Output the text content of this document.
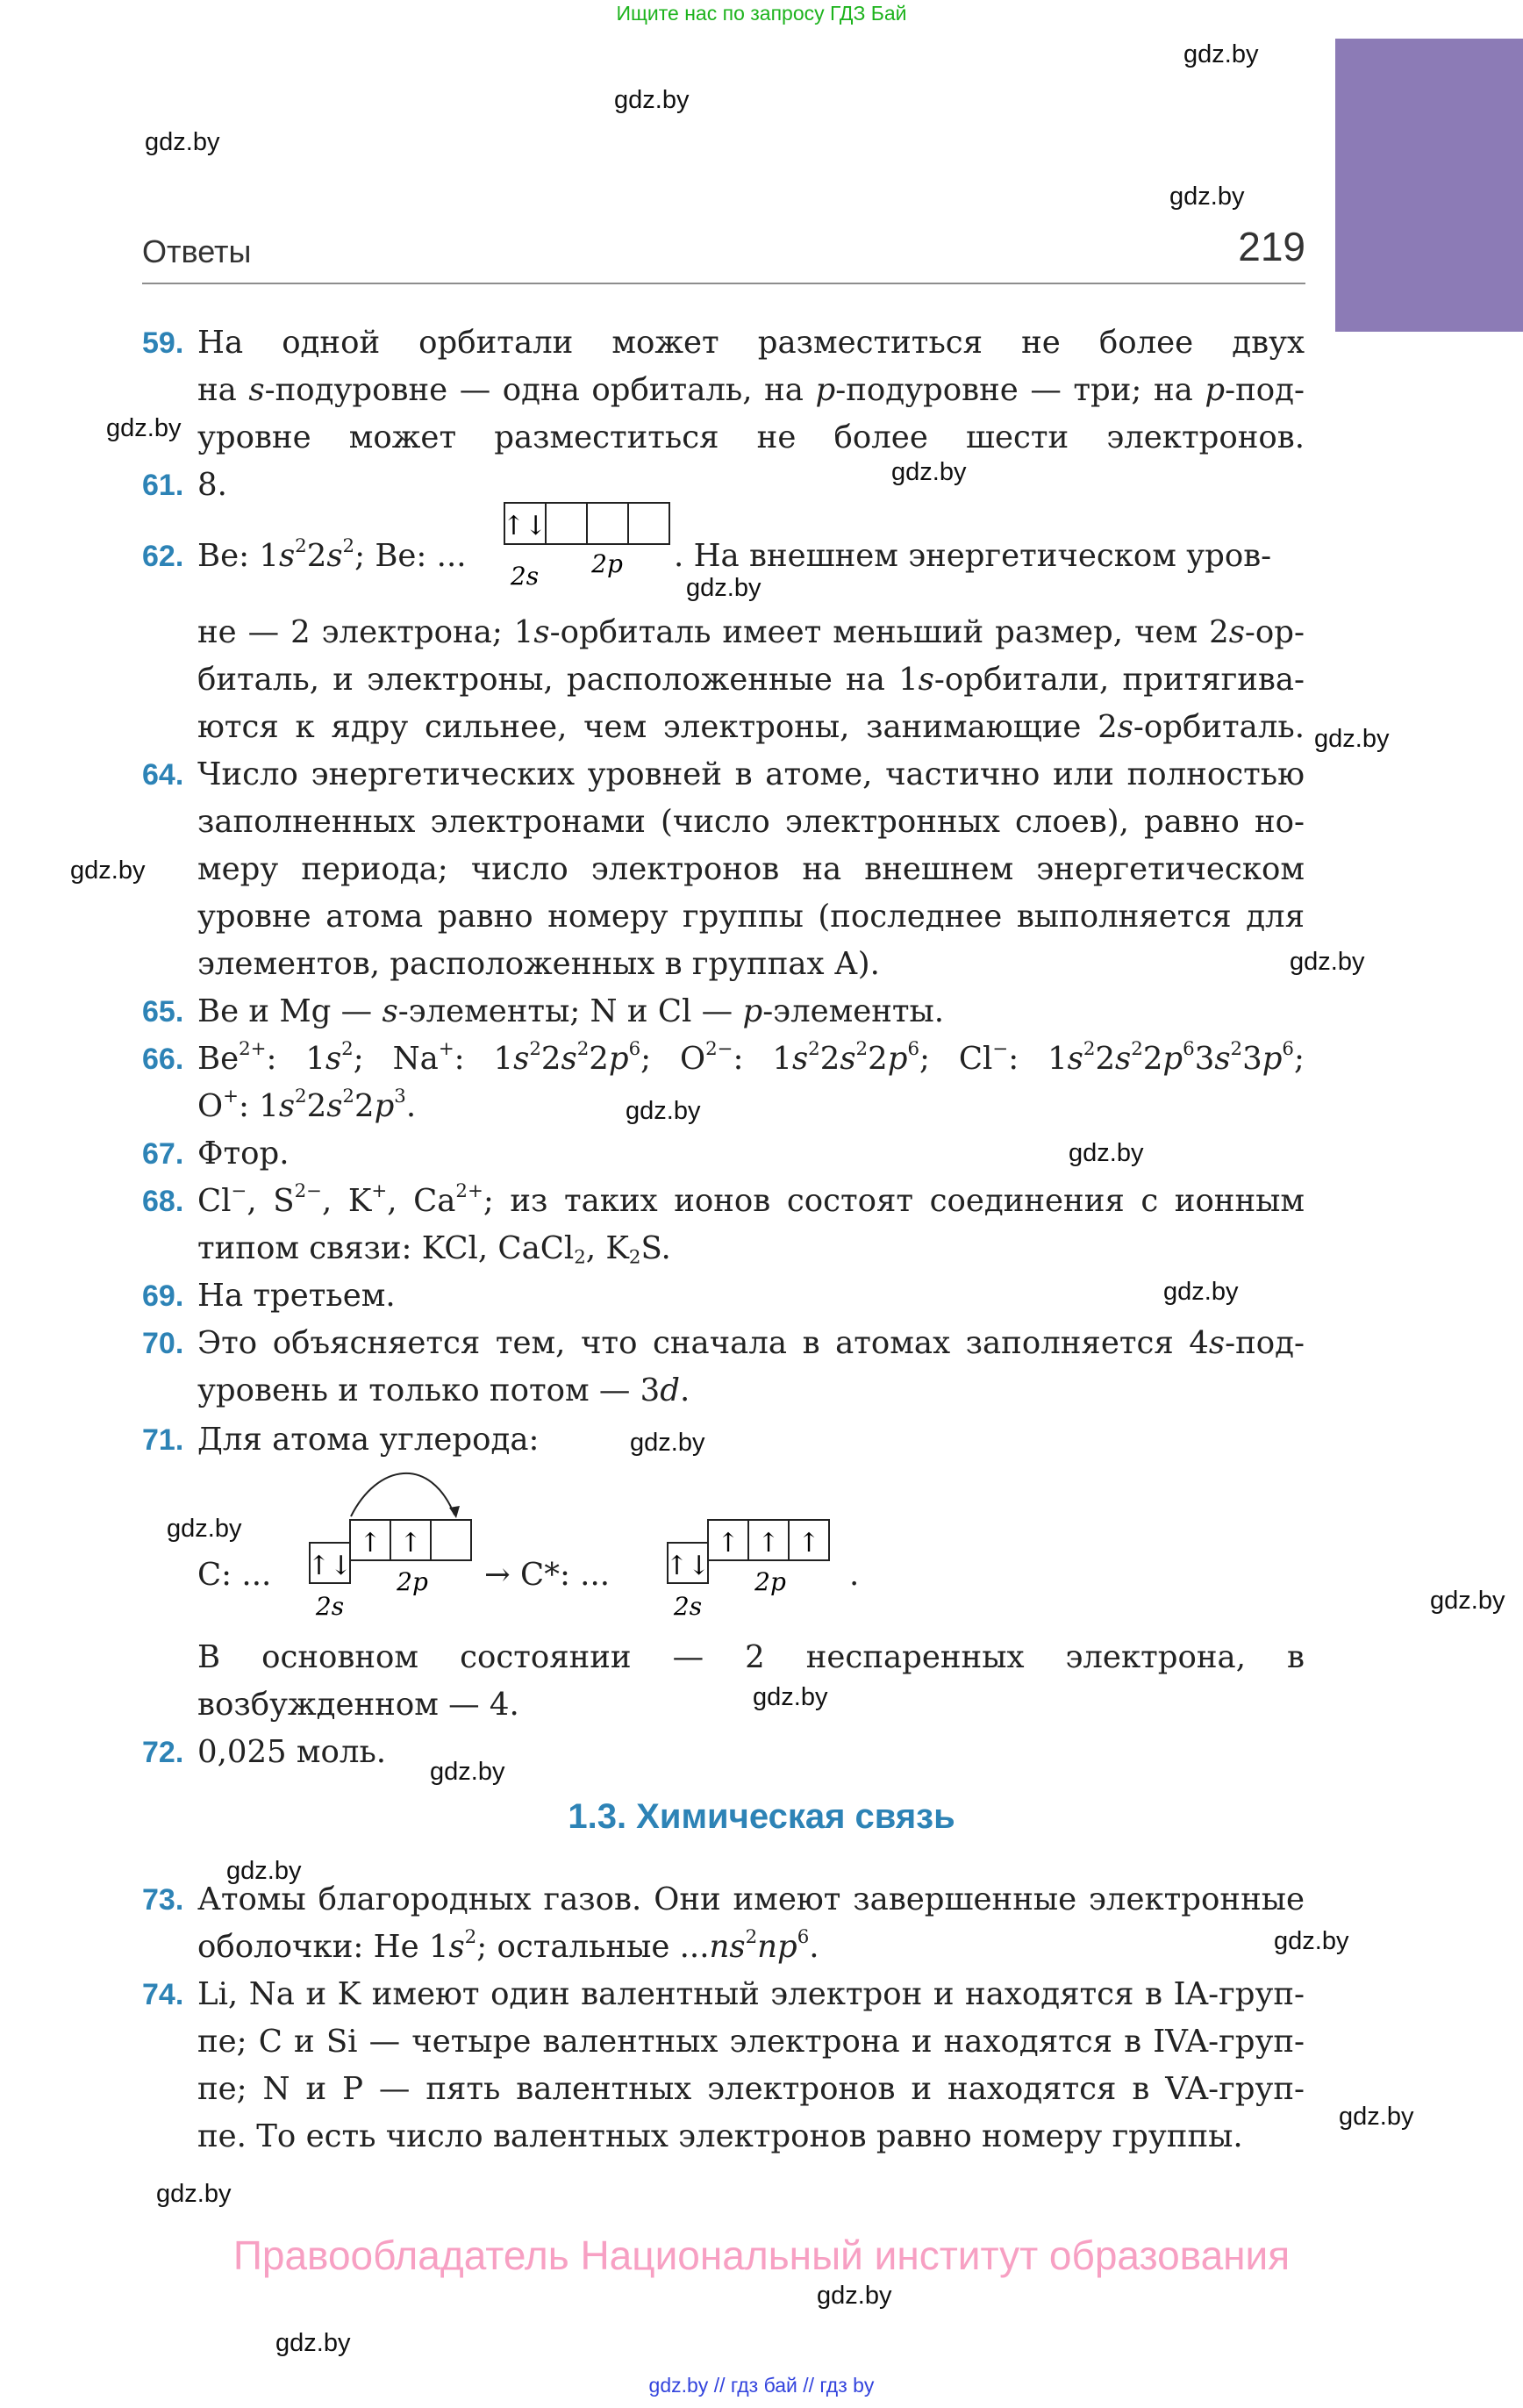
Ищите нас по запросу ГДЗ Бай
gdz.by
gdz.by
gdz.by
gdz.by
gdz.by
gdz.by
gdz.by
gdz.by
gdz.by
gdz.by
gdz.by
gdz.by
gdz.by
gdz.by
gdz.by
gdz.by
gdz.by
gdz.by
gdz.by
gdz.by
gdz.by
gdz.by
gdz.by
gdz.by
Ответы	219
59. На одной орбитали может разместиться не более двух
на s-подуровне — одна орбиталь, на p-подуровне — три; на p-под-
уровне может разместиться не более шести электронов.
61. 8.
62. Be: $1s^22s^2$; Be: ...
↑↓
2s 2p . На внешнем энергетическом уров-
не — 2 электрона; 1s-орбиталь имеет меньший размер, чем 2s-ор-
биталь, и электроны, расположенные на 1s-орбитали, притягива-
ются к ядру сильнее, чем электроны, занимающие 2s-орбиталь.
64. Число энергетических уровней в атоме, частично или полностью
заполненных электронами (число электронных слоев), равно но-
меру периода; число электронов на внешнем энергетическом
уровне атома равно номеру группы (последнее выполняется для
элементов, расположенных в группах А).
65. Be и Mg — s-элементы; N и Cl — p-элементы.
66. $Be^{2+}$: $1s^2$; Na+: $1s^22s^22p^6$; $O^{2-}$: $1s^22s^22p^6$; Cl−: $1s^22s^22p^63s^23p^6$;
O+: $1s^22s^22p^3$.
67. Фтор.
68. Cl−, $S^{2-}$, K+, $Ca^{2+}$; из таких ионов состоят соединения с ионным
типом связи: KCl, CaCl$_2$, $K_2S$.
69. На третьем.
70. Это объясняется тем, что сначала в атомах заполняется 4s-под-
уровень и только потом — 3d.
71. Для атома углерода:
C: ...	↑↓
↑ ↑
2s
2p → C*: ...	↑↓
↑ ↑ ↑
2s
2p .
В основном состоянии — 2 неспаренных электрона, в
возбужденном — 4.
72. 0,025 моль.
1.3. Химическая связь
73. Атомы благородных газов. Они имеют завершенные электронные
оболочки: He $1s^2$; остальные $...ns^2np^6$.
74. Li, Na и K имеют один валентный электрон и находятся в IA-груп-
пе; C и Si — четыре валентных электрона и находятся в IVA-груп-
пе; N и P — пять валентных электронов и находятся в VA-груп-
пе. То есть число валентных электронов равно номеру группы.
Правообладатель Национальный институт образования
gdz.by // гдз бай // гдз by
